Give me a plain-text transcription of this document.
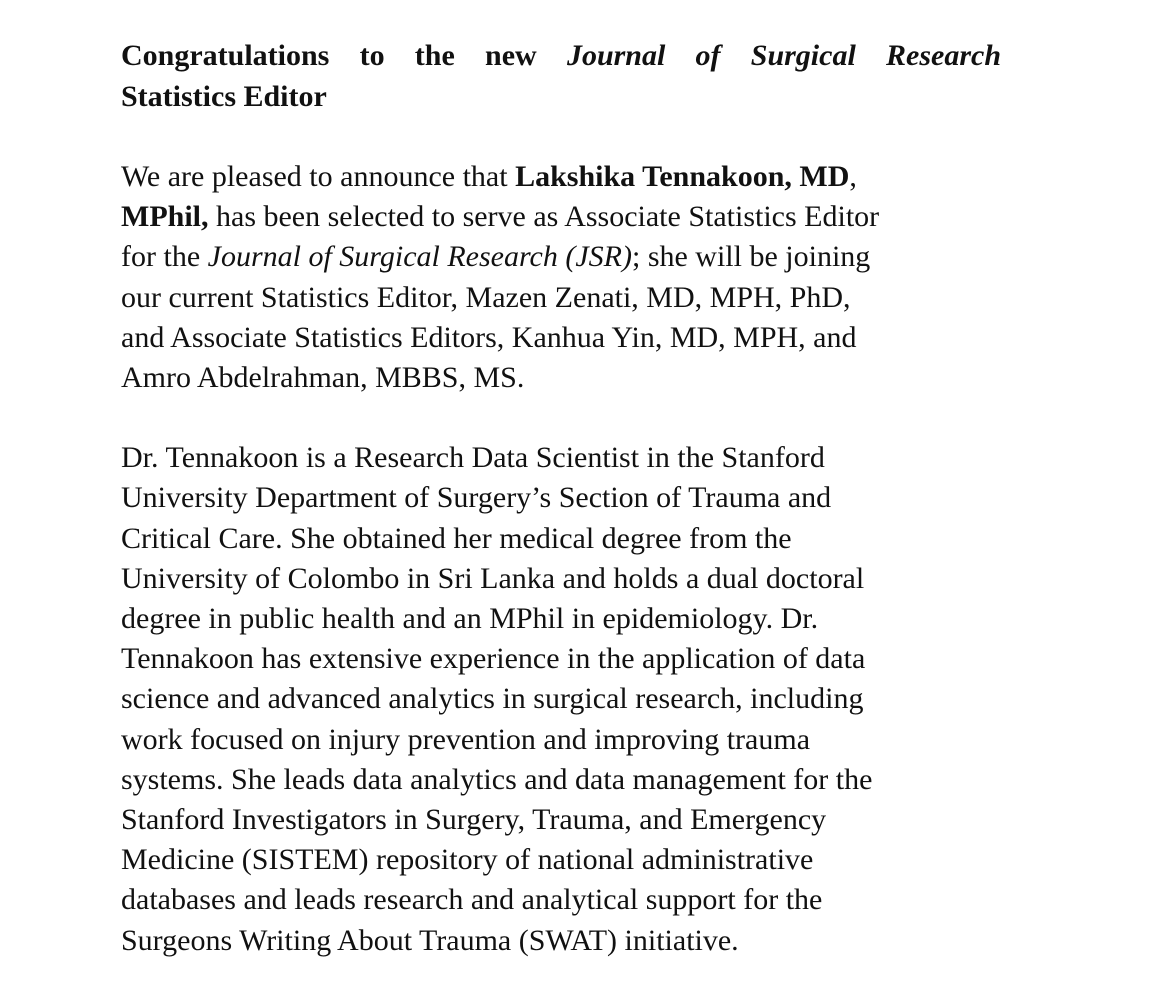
Congratulations to the new Journal of Surgical Research
Statistics Editor

We are pleased to announce that Lakshika Tennakoon, MD,
MPhil, has been selected to serve as Associate Statistics Editor
for the Journal of Surgical Research (JSR); she will be joining
our current Statistics Editor, Mazen Zenati, MD, MPH, PhD,
and Associate Statistics Editors, Kanhua Yin, MD, MPH, and
Amro Abdelrahman, MBBS, MS.

Dr. Tennakoon is a Research Data Scientist in the Stanford
University Department of Surgery’s Section of Trauma and
Critical Care. She obtained her medical degree from the
University of Colombo in Sri Lanka and holds a dual doctoral
degree in public health and an MPhil in epidemiology. Dr.
Tennakoon has extensive experience in the application of data
science and advanced analytics in surgical research, including
work focused on injury prevention and improving trauma
systems. She leads data analytics and data management for the
Stanford Investigators in Surgery, Trauma, and Emergency
Medicine (SISTEM) repository of national administrative
databases and leads research and analytical support for the
Surgeons Writing About Trauma (SWAT) initiative.
